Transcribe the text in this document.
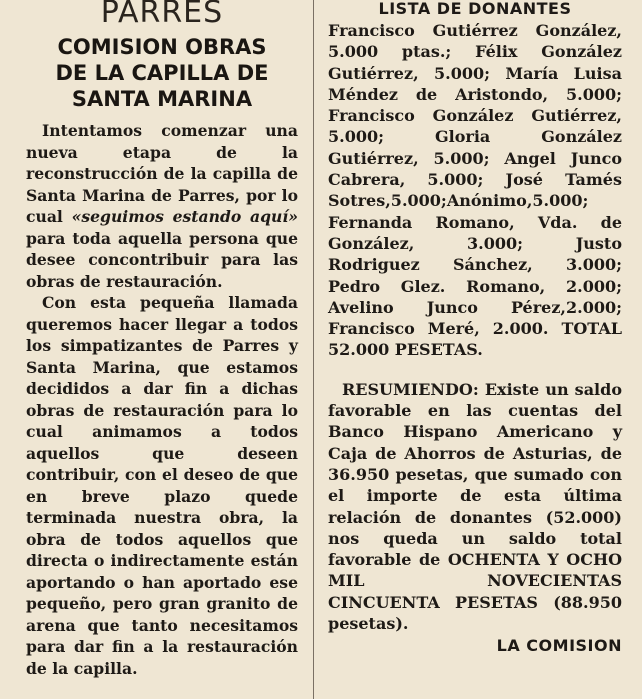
PARRES
COMISION OBRAS
DE LA CAPILLA DE
SANTA MARINA

Intentamos comenzar una nueva etapa de la reconstrucción de la capilla de Santa Marina de Parres, por lo cual «seguimos estando aquí» para toda aquella persona que desee concontribuir para las obras de restauración.

Con esta pequeña llamada queremos hacer llegar a todos los simpatizantes de Parres y Santa Marina, que estamos decididos a dar fin a dichas obras de restauración para lo cual animamos a todos aquellos que deseen contribuir, con el deseo de que en breve plazo quede terminada nuestra obra, la obra de todos aquellos que directa o indirectamente están aportando o han aportado ese pequeño, pero gran granito de arena que tanto necesitamos para dar fin a la restauración de la capilla.

LISTA DE DONANTES

Francisco Gutiérrez González, 5.000 ptas.; Félix González Gutiérrez, 5.000; María Luisa Méndez de Aristondo, 5.000; Francisco González Gutiérrez, 5.000; Gloria González Gutiérrez, 5.000; Angel Junco Cabrera, 5.000; José Tamés Sotres,5.000;Anónimo,5.000; Fernanda Romano, Vda. de González, 3.000; Justo Rodriguez Sánchez, 3.000; Pedro Glez. Romano, 2.000; Avelino Junco Pérez,2.000; Francisco Meré, 2.000. TOTAL 52.000 PESETAS.

RESUMIENDO: Existe un saldo favorable en las cuentas del Banco Hispano Americano y Caja de Ahorros de Asturias, de 36.950 pesetas, que sumado con el importe de esta última relación de donantes (52.000) nos queda un saldo total favorable de OCHENTA Y OCHO MIL NOVECIENTAS CINCUENTA PESETAS (88.950 pesetas).

LA COMISION
